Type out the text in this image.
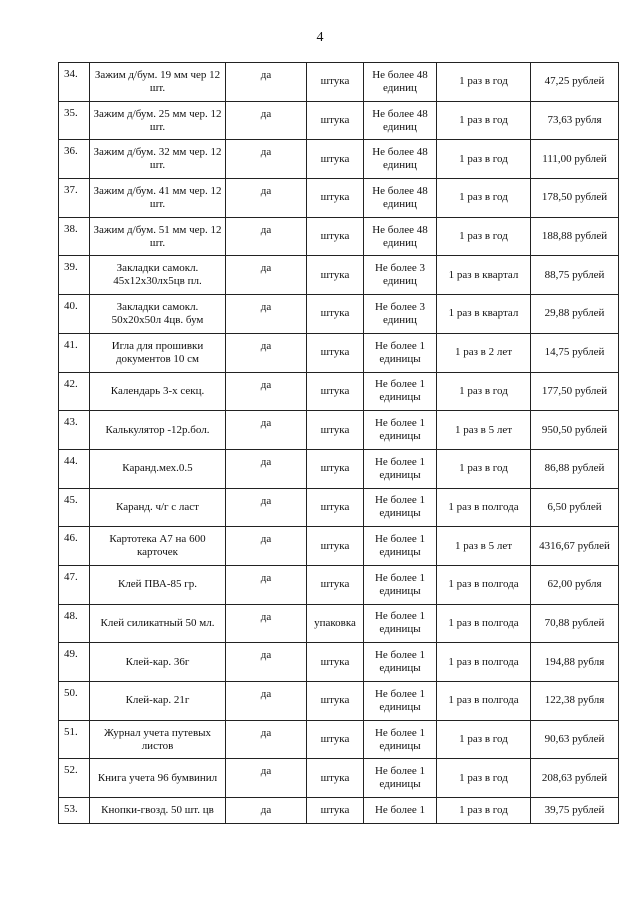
4
34.	Зажим д/бум. 19 мм чер 12 шт.	да	штука	Не более 48 единиц	1 раз в год	47,25 рублей
35.	Зажим д/бум. 25 мм чер. 12 шт.	да	штука	Не более 48 единиц	1 раз в год	73,63 рубля
36.	Зажим д/бум. 32 мм чер. 12 шт.	да	штука	Не более 48 единиц	1 раз в год	111,00 рублей
37.	Зажим д/бум. 41 мм чер. 12 шт.	да	штука	Не более 48 единиц	1 раз в год	178,50 рублей
38.	Зажим д/бум. 51 мм чер. 12 шт.	да	штука	Не более 48 единиц	1 раз в год	188,88 рублей
39.	Закладки самокл. 45x12x30лх5цв пл.	да	штука	Не более 3 единиц	1 раз в квартал	88,75 рублей
40.	Закладки самокл. 50x20x50л 4цв. бум	да	штука	Не более 3 единиц	1 раз в квартал	29,88 рублей
41.	Игла для прошивки документов 10 см	да	штука	Не более 1 единицы	1 раз в 2 лет	14,75 рублей
42.	Календарь 3-х секц.	да	штука	Не более 1 единицы	1 раз в год	177,50 рублей
43.	Калькулятор -12р.бол.	да	штука	Не более 1 единицы	1 раз в 5 лет	950,50 рублей
44.	Каранд.мех.0.5	да	штука	Не более 1 единицы	1 раз в год	86,88 рублей
45.	Каранд. ч/г с ласт	да	штука	Не более 1 единицы	1 раз в полгода	6,50 рублей
46.	Картотека А7 на 600 карточек	да	штука	Не более 1 единицы	1 раз в 5 лет	4316,67 рублей
47.	Клей ПВА-85 гр.	да	штука	Не более 1 единицы	1 раз в полгода	62,00 рубля
48.	Клей силикатный 50 мл.	да	упаковка	Не более 1 единицы	1 раз в полгода	70,88 рублей
49.	Клей-кар. 36г	да	штука	Не более 1 единицы	1 раз в полгода	194,88 рубля
50.	Клей-кар. 21г	да	штука	Не более 1 единицы	1 раз в полгода	122,38 рубля
51.	Журнал учета путевых листов	да	штука	Не более 1 единицы	1 раз в год	90,63 рублей
52.	Книга учета 96 бумвинил	да	штука	Не более 1 единицы	1 раз в год	208,63 рублей
53.	Кнопки-гвозд. 50 шт. цв	да	штука	Не более 1	1 раз в год	39,75 рублей
